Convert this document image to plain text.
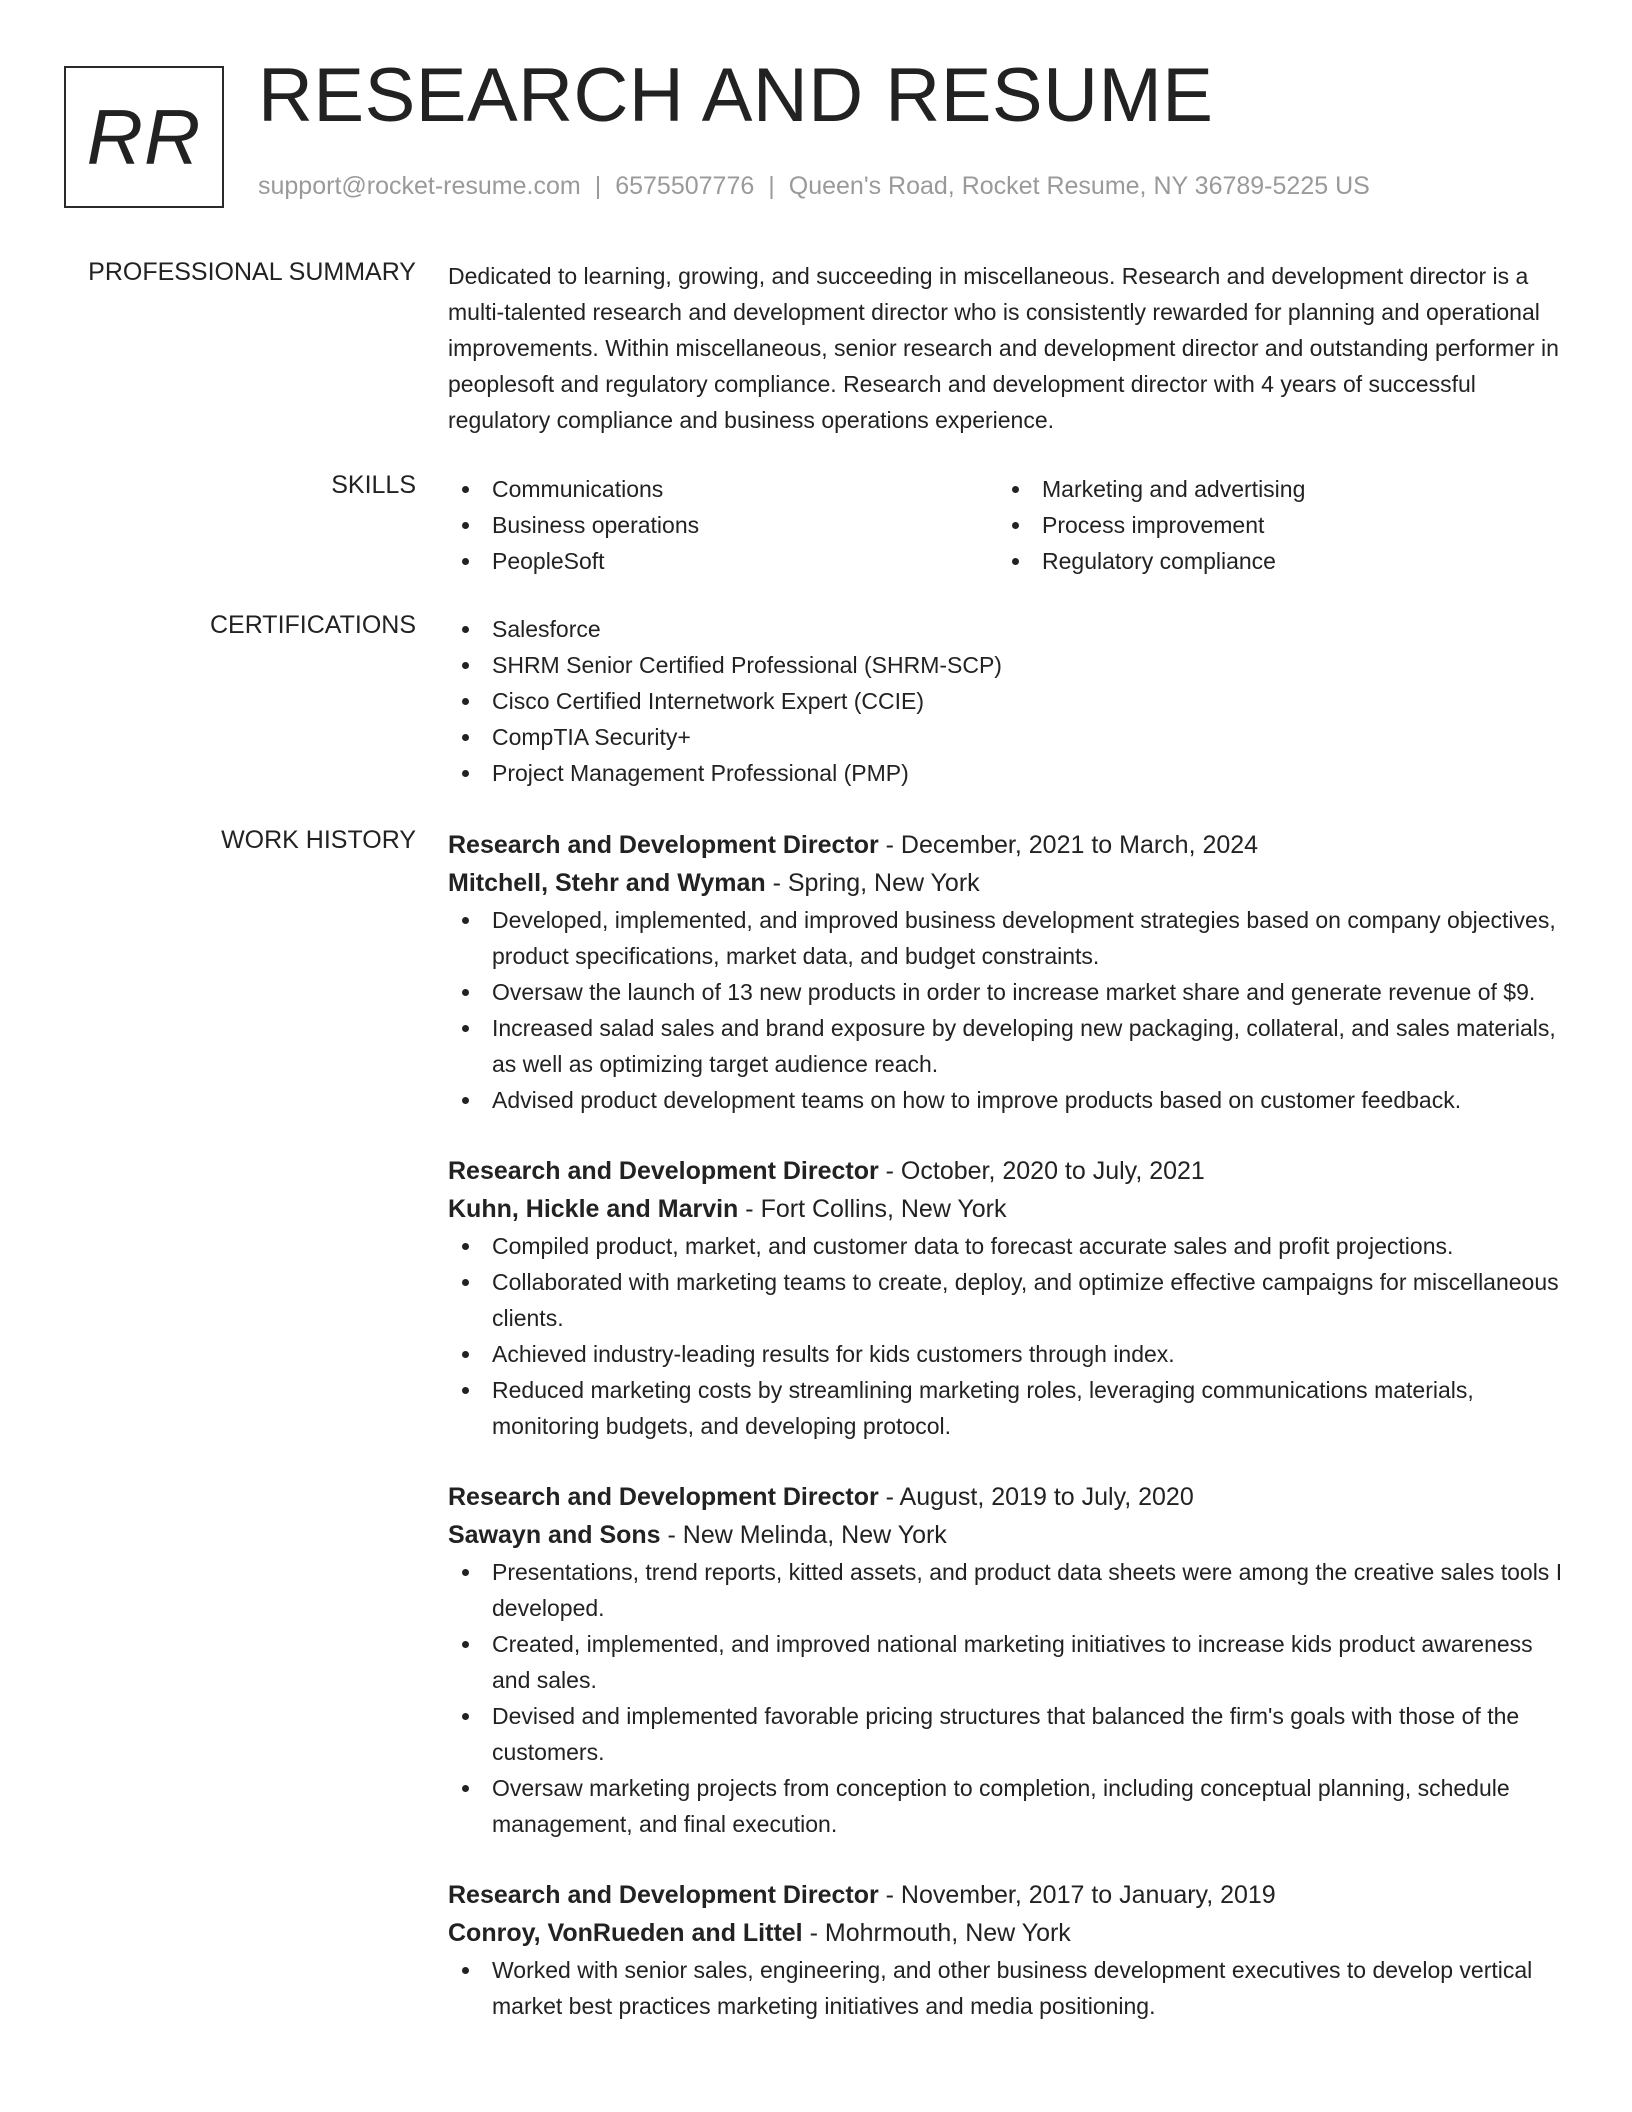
RR RESEARCH AND RESUME
support@rocket-resume.com | 6575507776 | Queen's Road, Rocket Resume, NY 36789-5225 US
PROFESSIONAL SUMMARY Dedicated to learning, growing, and succeeding in miscellaneous. Research and development director is a multi-talented research and development director who is consistently rewarded for planning and operational improvements. Within miscellaneous, senior research and development director and outstanding performer in peoplesoft and regulatory compliance. Research and development director with 4 years of successful regulatory compliance and business operations experience.

SKILLS	Communications
Business operations
PeopleSoft
Marketing and advertising
Process improvement
Regulatory compliance
CERTIFICATIONS	Salesforce
SHRM Senior Certified Professional (SHRM-SCP)
Cisco Certified Internetwork Expert (CCIE)
CompTIA Security+
Project Management Professional (PMP)
WORK HISTORY Research and Development Director - December, 2021 to March, 2024
Mitchell, Stehr and Wyman - Spring, New York
Developed, implemented, and improved business development strategies based on company objectives, product specifications, market data, and budget constraints.
Oversaw the launch of 13 new products in order to increase market share and generate revenue of $9.
Increased salad sales and brand exposure by developing new packaging, collateral, and sales materials, as well as optimizing target audience reach.
Advised product development teams on how to improve products based on customer feedback.
Research and Development Director - October, 2020 to July, 2021
Kuhn, Hickle and Marvin - Fort Collins, New York
Compiled product, market, and customer data to forecast accurate sales and profit projections.
Collaborated with marketing teams to create, deploy, and optimize effective campaigns for miscellaneous clients.
Achieved industry-leading results for kids customers through index.
Reduced marketing costs by streamlining marketing roles, leveraging communications materials, monitoring budgets, and developing protocol.
Research and Development Director - August, 2019 to July, 2020
Sawayn and Sons - New Melinda, New York
Presentations, trend reports, kitted assets, and product data sheets were among the creative sales tools I developed.
Created, implemented, and improved national marketing initiatives to increase kids product awareness and sales.
Devised and implemented favorable pricing structures that balanced the firm's goals with those of the customers.
Oversaw marketing projects from conception to completion, including conceptual planning, schedule management, and final execution.
Research and Development Director - November, 2017 to January, 2019
Conroy, VonRueden and Littel - Mohrmouth, New York
Worked with senior sales, engineering, and other business development executives to develop vertical market best practices marketing initiatives and media positioning.
